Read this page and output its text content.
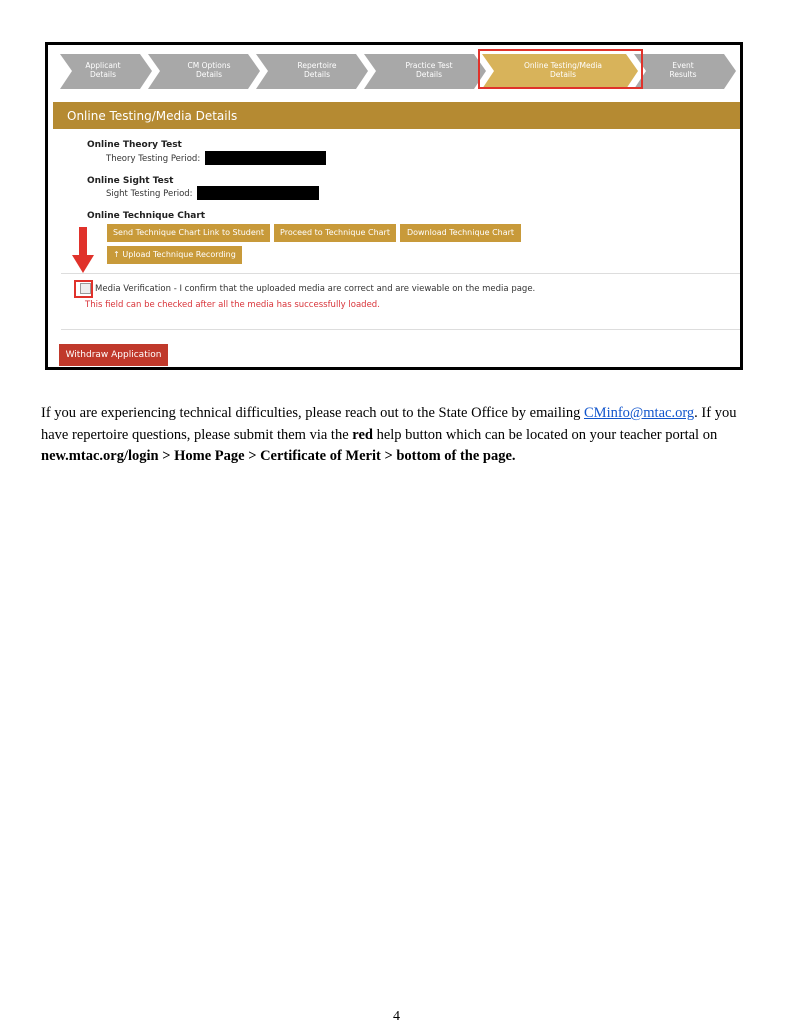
Applicant
Details
CM Options
Details
Repertoire
Details
Practice Test
Details
Online Testing/Media
Details
Event
Results
Online Testing/Media Details
Online Theory Test
Theory Testing Period:
Online Sight Test
Sight Testing Period:
Online Technique Chart
Send Technique Chart Link to Student	Proceed to Technique Chart	Download Technique Chart
↑ Upload Technique Recording
Media Verification - I confirm that the uploaded media are correct and are viewable on the media page.
This field can be checked after all the media has successfully loaded.
Withdraw Application
If you are experiencing technical difficulties, please reach out to the State Office by emailing CMinfo@mtac.org. If you have repertoire questions, please submit them via the red help button which can be located on your teacher portal on new.mtac.org/login > Home Page > Certificate of Merit > bottom of the page.
4
